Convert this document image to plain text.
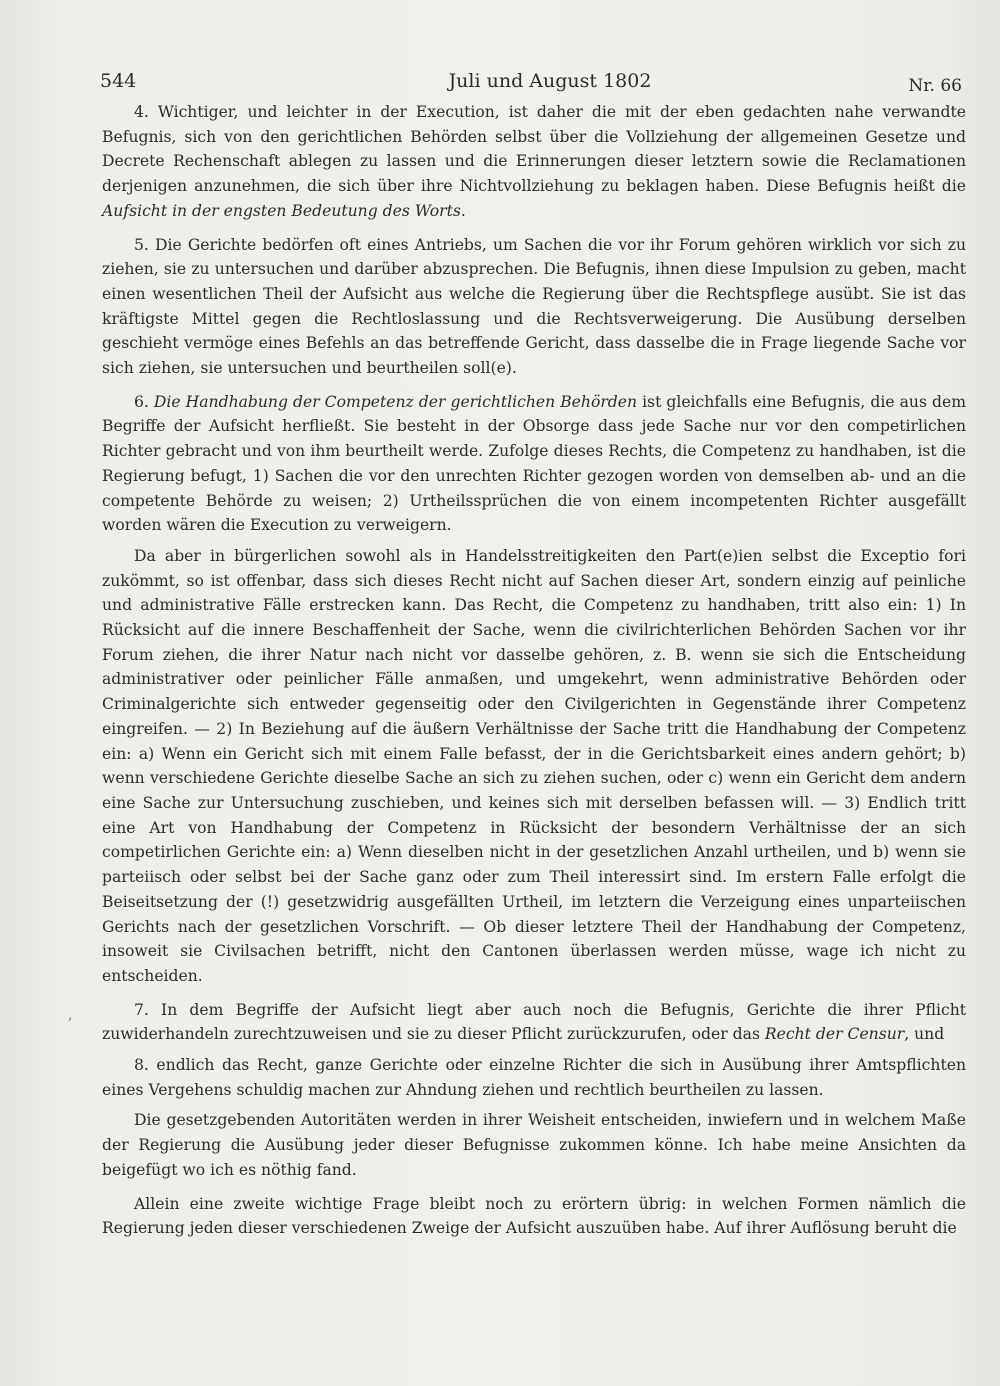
544	Juli und August 1802	Nr. 66
,

4. Wichtiger, und leichter in der Execution, ist daher die mit der eben gedachten nahe verwandte Befugnis, sich von den gerichtlichen Behörden selbst über die Vollziehung der allgemeinen Gesetze und Decrete Rechenschaft ablegen zu lassen und die Erinnerungen dieser letztern sowie die Reclamationen derjenigen anzunehmen, die sich über ihre Nichtvollziehung zu beklagen haben. Diese Befugnis heißt die Aufsicht in der engsten Bedeutung des Worts.

5. Die Gerichte bedörfen oft eines Antriebs, um Sachen die vor ihr Forum gehören wirklich vor sich zu ziehen, sie zu untersuchen und darüber abzusprechen. Die Befugnis, ihnen diese Impulsion zu geben, macht einen wesentlichen Theil der Aufsicht aus welche die Regierung über die Rechtspflege ausübt. Sie ist das kräftigste Mittel gegen die Rechtloslassung und die Rechtsverweigerung. Die Ausübung derselben geschieht vermöge eines Befehls an das betreffende Gericht, dass dasselbe die in Frage liegende Sache vor sich ziehen, sie untersuchen und beurtheilen soll(e).

6. Die Handhabung der Competenz der gerichtlichen Behörden ist gleichfalls eine Befugnis, die aus dem Begriffe der Aufsicht herfließt. Sie besteht in der Obsorge dass jede Sache nur vor den competirlichen Richter gebracht und von ihm beurtheilt werde. Zufolge dieses Rechts, die Competenz zu handhaben, ist die Regierung befugt, 1) Sachen die vor den unrechten Richter gezogen worden von demselben ab- und an die competente Behörde zu weisen; 2) Urtheilssprüchen die von einem incompetenten Richter ausgefällt worden wären die Execution zu verweigern.

Da aber in bürgerlichen sowohl als in Handelsstreitigkeiten den Part(e)ien selbst die Exceptio fori zukömmt, so ist offenbar, dass sich dieses Recht nicht auf Sachen dieser Art, sondern einzig auf peinliche und administrative Fälle erstrecken kann. Das Recht, die Competenz zu handhaben, tritt also ein: 1) In Rücksicht auf die innere Beschaffenheit der Sache, wenn die civilrichterlichen Behörden Sachen vor ihr Forum ziehen, die ihrer Natur nach nicht vor dasselbe gehören, z. B. wenn sie sich die Entscheidung administrativer oder peinlicher Fälle anmaßen, und umgekehrt, wenn administrative Behörden oder Criminalgerichte sich entweder gegenseitig oder den Civilgerichten in Gegenstände ihrer Competenz eingreifen. — 2) In Beziehung auf die äußern Verhältnisse der Sache tritt die Handhabung der Competenz ein: a) Wenn ein Gericht sich mit einem Falle befasst, der in die Gerichtsbarkeit eines andern gehört; b) wenn verschiedene Gerichte dieselbe Sache an sich zu ziehen suchen, oder c) wenn ein Gericht dem andern eine Sache zur Untersuchung zuschieben, und keines sich mit derselben befassen will. — 3) Endlich tritt eine Art von Handhabung der Competenz in Rücksicht der besondern Verhältnisse der an sich competirlichen Gerichte ein: a) Wenn dieselben nicht in der gesetzlichen Anzahl urtheilen, und b) wenn sie parteiisch oder selbst bei der Sache ganz oder zum Theil interessirt sind. Im erstern Falle erfolgt die Beiseitsetzung der (!) gesetzwidrig ausgefällten Urtheil, im letztern die Verzeigung eines unparteiischen Gerichts nach der gesetzlichen Vorschrift. — Ob dieser letztere Theil der Handhabung der Competenz, insoweit sie Civilsachen betrifft, nicht den Cantonen überlassen werden müsse, wage ich nicht zu entscheiden.

7. In dem Begriffe der Aufsicht liegt aber auch noch die Befugnis, Gerichte die ihrer Pflicht zuwiderhandeln zurechtzuweisen und sie zu dieser Pflicht zurückzurufen, oder das Recht der Censur, und

8. endlich das Recht, ganze Gerichte oder einzelne Richter die sich in Ausübung ihrer Amtspflichten eines Vergehens schuldig machen zur Ahndung ziehen und rechtlich beurtheilen zu lassen.

Die gesetzgebenden Autoritäten werden in ihrer Weisheit entscheiden, inwiefern und in welchem Maße der Regierung die Ausübung jeder dieser Befugnisse zukommen könne. Ich habe meine Ansichten da beigefügt wo ich es nöthig fand.

Allein eine zweite wichtige Frage bleibt noch zu erörtern übrig: in welchen Formen nämlich die Regierung jeden dieser verschiedenen Zweige der Aufsicht auszuüben habe. Auf ihrer Auflösung beruht die
